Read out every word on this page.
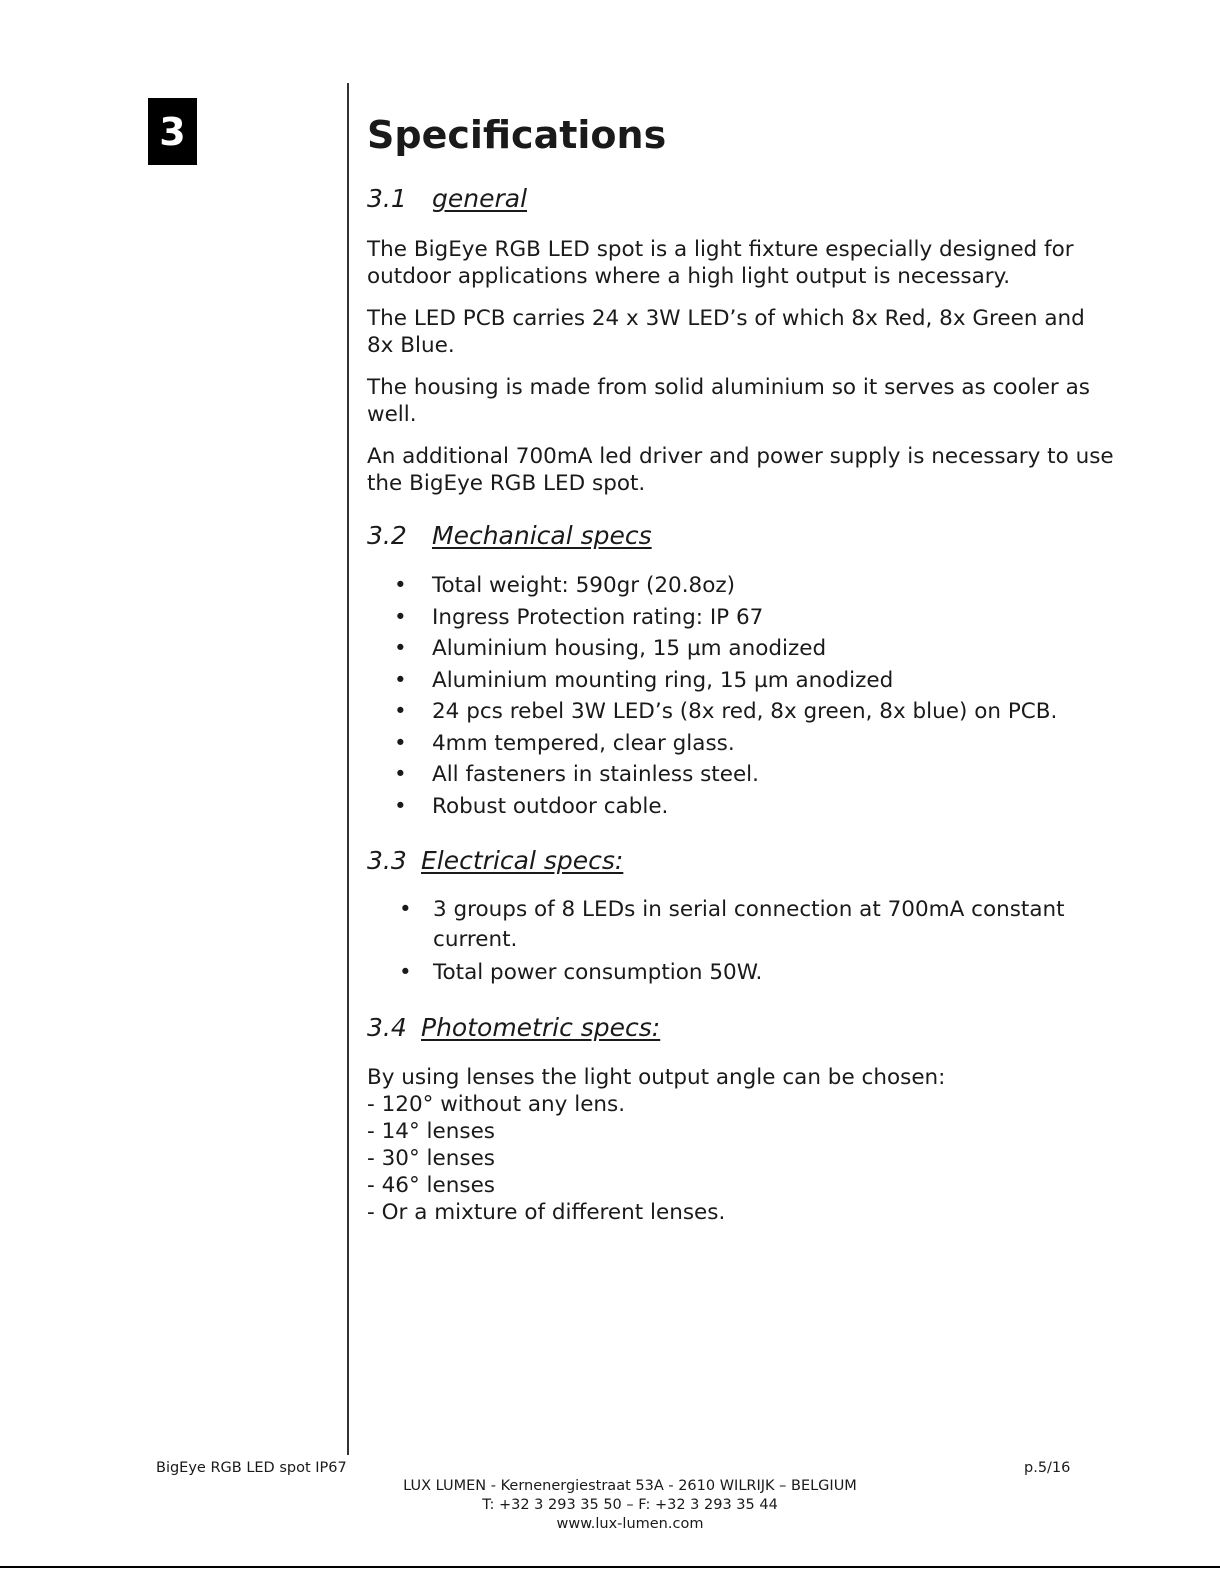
3	Specifications
3.1 general

The BigEye RGB LED spot is a light fixture especially designed for outdoor applications where a high light output is necessary.

The LED PCB carries 24 x 3W LED’s of which 8x Red, 8x Green and 8x Blue.

The housing is made from solid aluminium so it serves as cooler as well.

An additional 700mA led driver and power supply is necessary to use the BigEye RGB LED spot.

3.2 Mechanical specs
• Total weight: 590gr (20.8oz)
• Ingress Protection rating: IP 67
• Aluminium housing, 15 µm anodized
• Aluminium mounting ring, 15 µm anodized
• 24 pcs rebel 3W LED’s (8x red, 8x green, 8x blue) on PCB.
• 4mm tempered, clear glass.
• All fasteners in stainless steel.
• Robust outdoor cable.
3.3 Electrical specs:
• 3 groups of 8 LEDs in serial connection at 700mA constant current.
• Total power consumption 50W.
3.4 Photometric specs:

By using lenses the light output angle can be chosen:

- 120° without any lens.

- 14° lenses

- 30° lenses

- 46° lenses

- Or a mixture of different lenses.

BigEye RGB LED spot IP67	p.5/16
LUX LUMEN - Kernenergiestraat 53A - 2610 WILRIJK – BELGIUM
T: +32 3 293 35 50 – F: +32 3 293 35 44
www.lux-lumen.com
